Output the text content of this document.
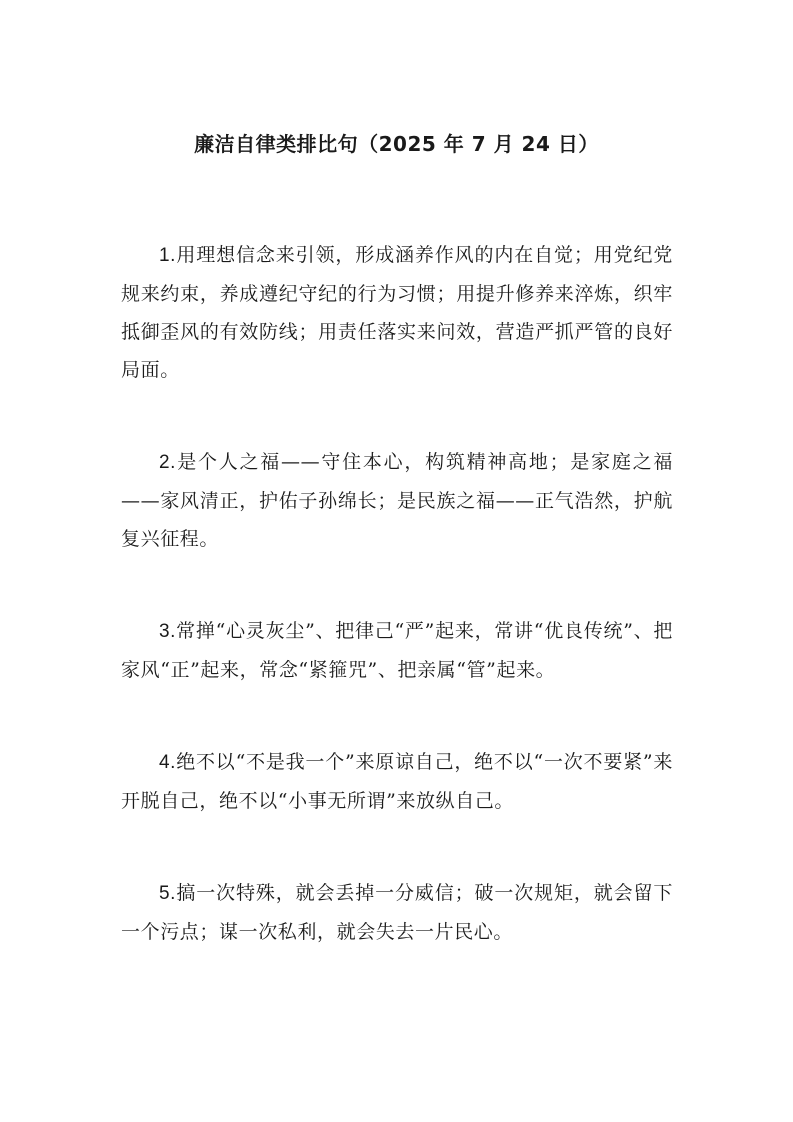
廉洁自律类排比句（2025 年 7 月 24 日）

1.用理想信念来引领，形成涵养作风的内在自觉；用党纪党规来约束，养成遵纪守纪的行为习惯；用提升修养来淬炼，织牢抵御歪风的有效防线；用责任落实来问效，营造严抓严管的良好局面。

2.是个人之福——守住本心，构筑精神高地；是家庭之福——家风清正，护佑子孙绵长；是民族之福——正气浩然，护航复兴征程。

3.常掸“心灵灰尘”、把律己“严”起来，常讲“优良传统”、把家风“正”起来，常念“紧箍咒”、把亲属“管”起来。

4.绝不以“不是我一个”来原谅自己，绝不以“一次不要紧”来开脱自己，绝不以“小事无所谓”来放纵自己。

5.搞一次特殊，就会丢掉一分威信；破一次规矩，就会留下一个污点；谋一次私利，就会失去一片民心。
